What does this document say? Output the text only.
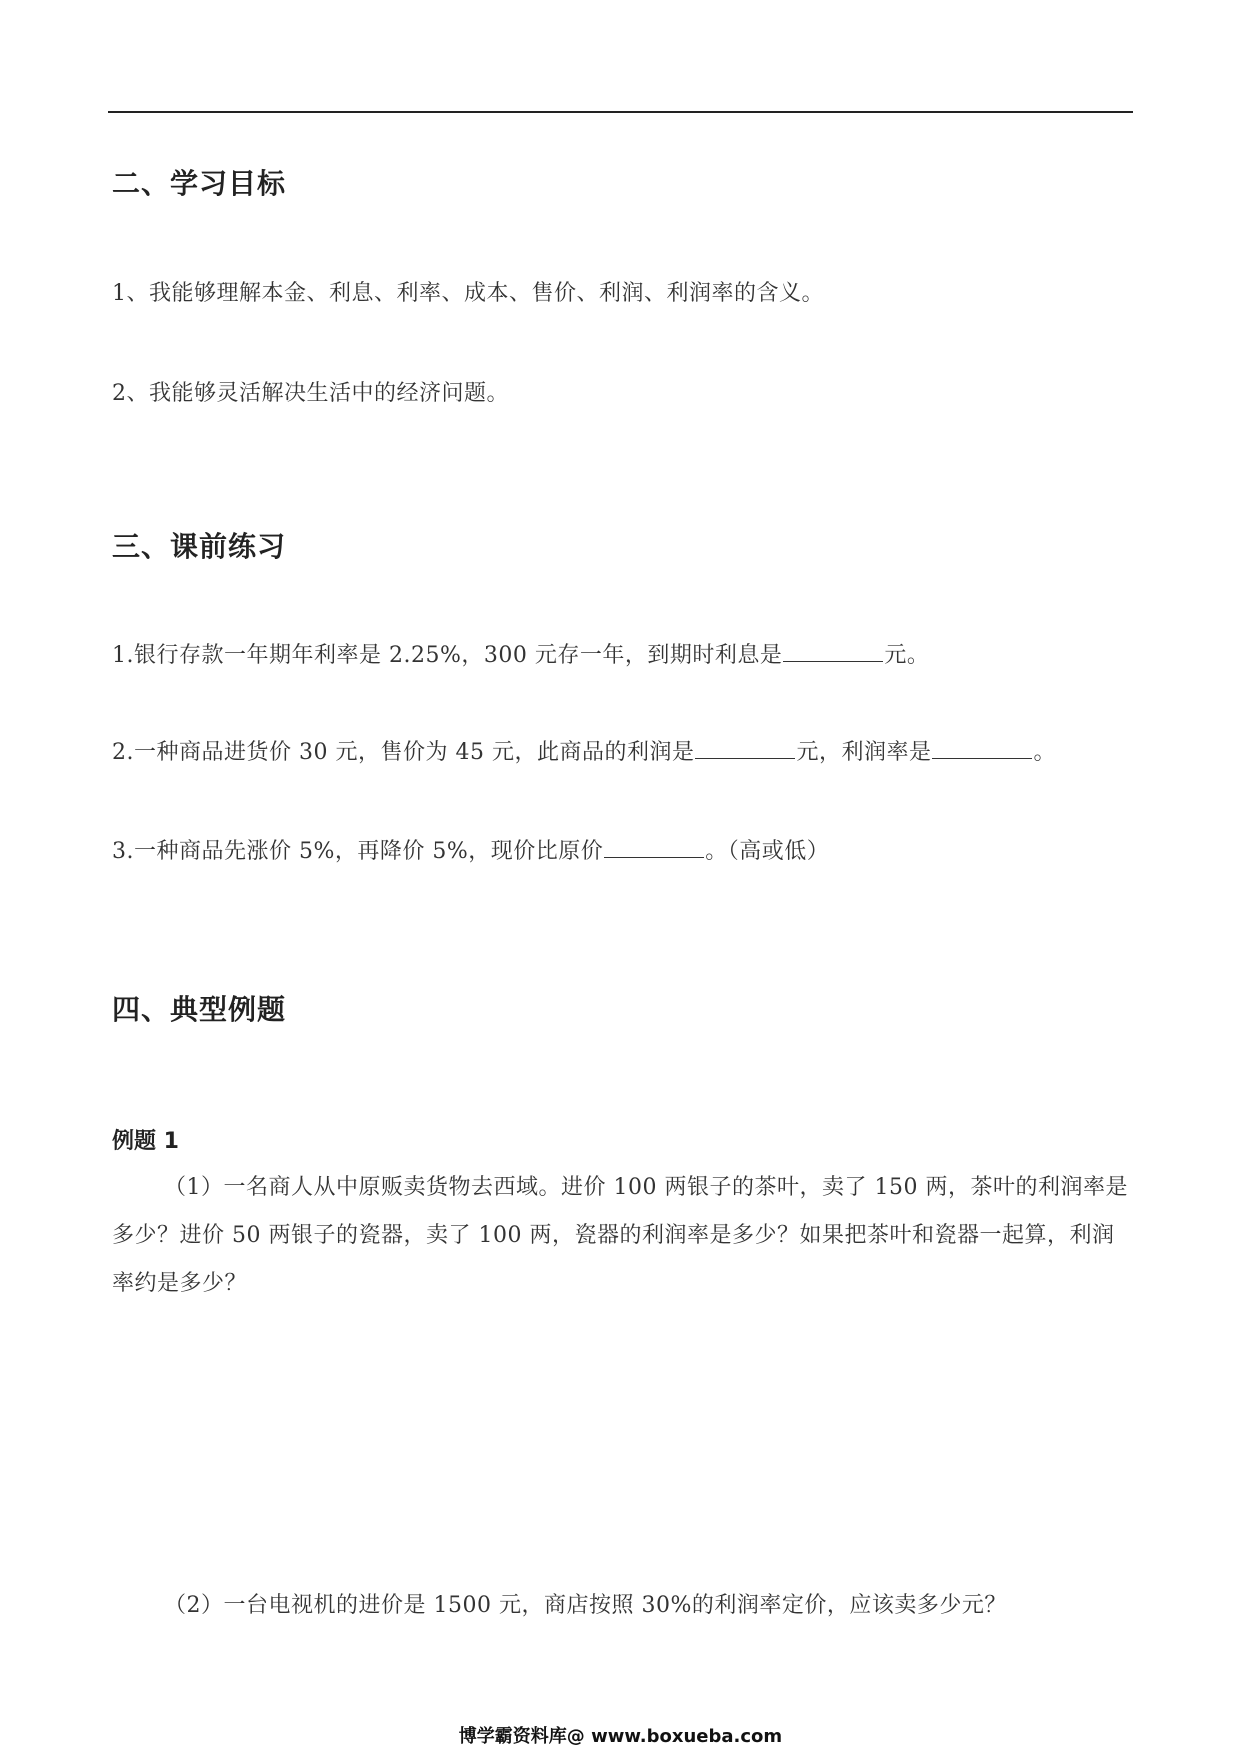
二、学习目标
1、我能够理解本金、利息、利率、成本、售价、利润、利润率的含义。
2、我能够灵活解决生活中的经济问题。
三、课前练习
1.银行存款一年期年利率是 2.25%，300 元存一年，到期时利息是	元。
2.一种商品进货价 30 元，售价为 45 元，此商品的利润是	元，利润率是	。
3.一种商品先涨价 5%，再降价 5%，现价比原价	。（高或低）
四、典型例题
例题 1
（1）一名商人从中原贩卖货物去西域。进价 100 两银子的茶叶，卖了 150 两，茶叶的利润率是多少？进价 50 两银子的瓷器，卖了 100 两，瓷器的利润率是多少？如果把茶叶和瓷器一起算，利润率约是多少？
（2）一台电视机的进价是 1500 元，商店按照 30%的利润率定价，应该卖多少元？
博学霸资料库@ www.boxueba.com
